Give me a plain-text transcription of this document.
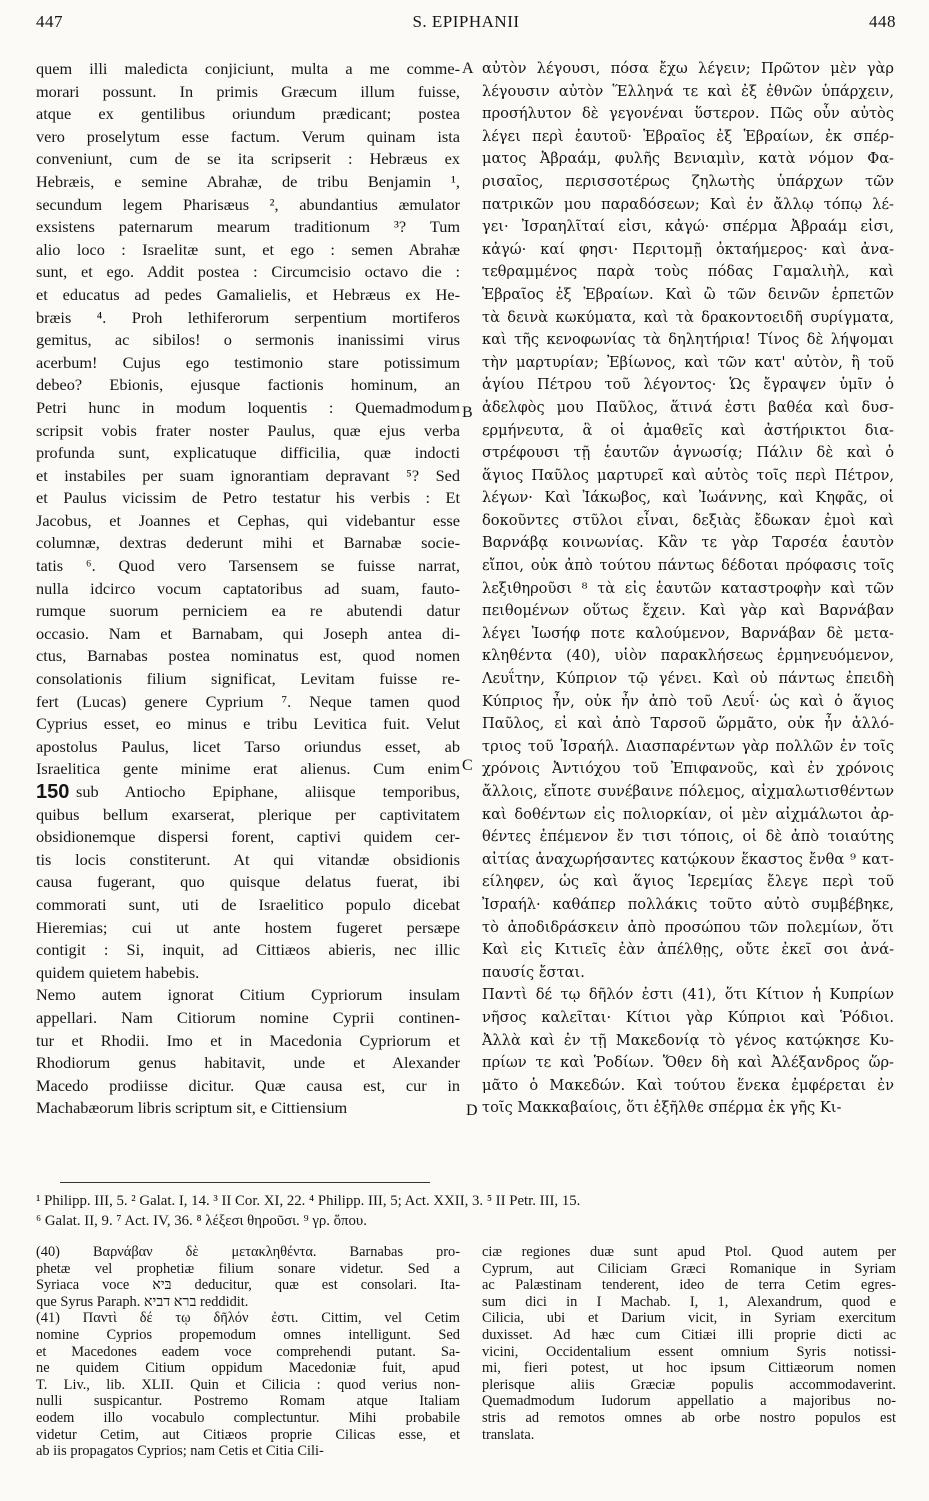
447	S. EPIPHANII	448
quem illi maledicta conjiciunt, multa a me comme-
morari possunt. In primis Græcum illum fuisse,
atque ex gentilibus oriundum prædicant; postea
vero proselytum esse factum. Verum quinam ista
conveniunt, cum de se ita scripserit : Hebræus ex
Hebræis, e semine Abrahæ, de tribu Benjamin ¹,
secundum legem Pharisæus ², abundantius æmulator
exsistens paternarum mearum traditionum ³? Tum
alio loco : Israelitæ sunt, et ego : semen Abrahæ
sunt, et ego. Addit postea : Circumcisio octavo die :
et educatus ad pedes Gamalielis, et Hebræus ex He-
bræis ⁴. Proh lethiferorum serpentium mortiferos
gemitus, ac sibilos! o sermonis inanissimi virus
acerbum! Cujus ego testimonio stare potissimum
debeo? Ebionis, ejusque factionis hominum, an
Petri hunc in modum loquentis : Quemadmodum
scripsit vobis frater noster Paulus, quæ ejus verba
profunda sunt, explicatuque difficilia, quæ indocti
et instabiles per suam ignorantiam depravant ⁵? Sed
et Paulus vicissim de Petro testatur his verbis : Et
Jacobus, et Joannes et Cephas, qui videbantur esse
columnæ, dextras dederunt mihi et Barnabæ socie-
tatis ⁶. Quod vero Tarsensem se fuisse narrat,
nulla idcirco vocum captatoribus ad suam, fauto-
rumque suorum perniciem ea re abutendi datur
occasio. Nam et Barnabam, qui Joseph antea di-
ctus, Barnabas postea nominatus est, quod nomen
consolationis filium significat, Levitam fuisse re-
fert (Lucas) genere Cyprium ⁷. Neque tamen quod
Cyprius esset, eo minus e tribu Levitica fuit. Velut
apostolus Paulus, licet Tarso oriundus esset, ab
Israelitica gente minime erat alienus. Cum enim
150 sub Antiocho Epiphane, aliisque temporibus,
quibus bellum exarserat, plerique per captivitatem
obsidionemque dispersi forent, captivi quidem cer-
tis locis constiterunt. At qui vitandæ obsidionis
causa fugerant, quo quisque delatus fuerat, ibi
commorati sunt, uti de Israelitico populo dicebat
Hieremias; cui ut ante hostem fugeret persæpe
contigit : Si, inquit, ad Cittiæos abieris, nec illic
quidem quietem habebis.
Nemo autem ignorat Citium Cypriorum insulam
appellari. Nam Citiorum nomine Cyprii continen-
tur et Rhodii. Imo et in Macedonia Cypriorum et
Rhodiorum genus habitavit, unde et Alexander
Macedo prodiisse dicitur. Quæ causa est, cur in
Machabæorum libris scriptum sit, e Cittiensium
αὐτὸν λέγουσι, πόσα ἔχω λέγειν; Πρῶτον μὲν γὰρ
λέγουσιν αὐτὸν Ἕλληνά τε καὶ ἐξ ἐθνῶν ὑπάρχειν,
προσήλυτον δὲ γεγονέναι ὕστερον. Πῶς οὖν αὐτὸς
λέγει περὶ ἑαυτοῦ· Ἑβραῖος ἐξ Ἑβραίων, ἐκ σπέρ-
ματος Ἀβραάμ, φυλῆς Βενιαμὶν, κατὰ νόμον Φα-
ρισαῖος, περισσοτέρως ζηλωτὴς ὑπάρχων τῶν
πατρικῶν μου παραδόσεων; Καὶ ἐν ἄλλῳ τόπῳ λέ-
γει· Ἰσραηλῖταί εἰσι, κἀγώ· σπέρμα Ἀβραάμ εἰσι,
κἀγώ· καί φησι· Περιτομῇ ὀκταήμερος· καὶ ἀνα-
τεθραμμένος παρὰ τοὺς πόδας Γαμαλιὴλ, καὶ
Ἑβραῖος ἐξ Ἑβραίων. Καὶ ὢ τῶν δεινῶν ἑρπετῶν
τὰ δεινὰ κωκύματα, καὶ τὰ δρακοντοειδῆ συρίγματα,
καὶ τῆς κενοφωνίας τὰ δηλητήρια! Τίνος δὲ λήψομαι
τὴν μαρτυρίαν; Ἐβίωνος, καὶ τῶν κατ' αὐτὸν, ἢ τοῦ
ἁγίου Πέτρου τοῦ λέγοντος· Ὡς ἔγραψεν ὑμῖν ὁ
ἀδελφὸς μου Παῦλος, ἅτινά ἐστι βαθέα καὶ δυσ-
ερμήνευτα, ἃ οἱ ἀμαθεῖς καὶ ἀστήρικτοι δια-
στρέφουσι τῇ ἑαυτῶν ἀγνωσίᾳ; Πάλιν δὲ καὶ ὁ
ἅγιος Παῦλος μαρτυρεῖ καὶ αὐτὸς τοῖς περὶ Πέτρον,
λέγων· Καὶ Ἰάκωβος, καὶ Ἰωάννης, καὶ Κηφᾶς, οἱ
δοκοῦντες στῦλοι εἶναι, δεξιὰς ἔδωκαν ἐμοὶ καὶ
Βαρνάβᾳ κοινωνίας. Κἂν τε γὰρ Ταρσέα ἑαυτὸν
εἴποι, οὐκ ἀπὸ τούτου πάντως δέδοται πρόφασις τοῖς
λεξιθηροῦσι ⁸ τὰ εἰς ἑαυτῶν καταστροφὴν καὶ τῶν
πειθομένων οὕτως ἔχειν. Καὶ γὰρ καὶ Βαρνάβαν
λέγει Ἰωσήφ ποτε καλούμενον, Βαρνάβαν δὲ μετα-
κληθέντα (40), υἱὸν παρακλήσεως ἑρμηνευόμενον,
Λευΐτην, Κύπριον τῷ γένει. Καὶ οὐ πάντως ἐπειδὴ
Κύπριος ἦν, οὐκ ἦν ἀπὸ τοῦ Λευΐ· ὡς καὶ ὁ ἅγιος
Παῦλος, εἰ καὶ ἀπὸ Ταρσοῦ ὥρμᾶτο, οὐκ ἦν ἀλλό-
τριος τοῦ Ἰσραήλ. Διασπαρέντων γὰρ πολλῶν ἐν τοῖς
χρόνοις Ἀντιόχου τοῦ Ἐπιφανοῦς, καὶ ἐν χρόνοις
ἄλλοις, εἴποτε συνέβαινε πόλεμος, αἰχμαλωτισθέντων
καὶ δοθέντων εἰς πολιορκίαν, οἱ μὲν αἰχμάλωτοι ἀρ-
θέντες ἐπέμενον ἔν τισι τόποις, οἱ δὲ ἀπὸ τοιαύτης
αἰτίας ἀναχωρήσαντες κατῴκουν ἕκαστος ἔνθα ⁹ κατ-
είληφεν, ὡς καὶ ἅγιος Ἱερεμίας ἔλεγε περὶ τοῦ
Ἰσραήλ· καθάπερ πολλάκις τοῦτο αὐτὸ συμβέβηκε,
τὸ ἀποδιδράσκειν ἀπὸ προσώπου τῶν πολεμίων, ὅτι
Καὶ εἰς Κιτιεῖς ἐὰν ἀπέλθῃς, οὔτε ἐκεῖ σοι ἀνά-
παυσίς ἔσται.
Παντὶ δέ τῳ δῆλόν ἐστι (41), ὅτι Κίτιον ἡ Κυπρίων
νῆσος καλεῖται· Κίτιοι γὰρ Κύπριοι καὶ Ῥόδιοι.
Ἀλλὰ καὶ ἐν τῇ Μακεδονίᾳ τὸ γένος κατῴκησε Κυ-
πρίων τε καὶ Ῥοδίων. Ὅθεν δὴ καὶ Ἀλέξανδρος ὥρ-
μᾶτο ὁ Μακεδών. Καὶ τούτου ἕνεκα ἐμφέρεται ἐν
τοῖς Μακκαβαίοις, ὅτι ἐξῆλθε σπέρμα ἐκ γῆς Κι-
A
B
C
D
¹ Philipp. III, 5. ² Galat. I, 14. ³ II Cor. XI, 22. ⁴ Philipp. III, 5; Act. XXII, 3. ⁵ II Petr. III, 15.
⁶ Galat. II, 9. ⁷ Act. IV, 36. ⁸ λέξεσι θηροῦσι. ⁹ γρ. ὅπου.
(40) Βαρνάβαν δὲ μετακληθέντα. Barnabas pro-
phetæ vel prophetiæ filium sonare videtur. Sed a
Syriaca voce בּיא deducitur, quæ est consolari. Ita-
que Syrus Paraph. ברא דביא reddidit.
(41) Παντὶ δέ τῳ δῆλόν ἐστι. Cittim, vel Cetim
nomine Cyprios propemodum omnes intelligunt. Sed
et Macedones eadem voce comprehendi putant. Sa-
ne quidem Citium oppidum Macedoniæ fuit, apud
T. Liv., lib. XLII. Quin et Cilicia : quod verius non-
nulli suspicantur. Postremo Romam atque Italiam
eodem illo vocabulo complectuntur. Mihi probabile
videtur Cetim, aut Citiæos proprie Cilicas esse, et
ab iis propagatos Cyprios; nam Cetis et Citia Cili-
ciæ regiones duæ sunt apud Ptol. Quod autem per
Cyprum, aut Ciliciam Græci Romanique in Syriam
ac Palæstinam tenderent, ideo de terra Cetim egres-
sum dici in I Machab. I, 1, Alexandrum, quod e
Cilicia, ubi et Darium vicit, in Syriam exercitum
duxisset. Ad hæc cum Citiæi illi proprie dicti ac
vicini, Occidentalium essent omnium Syris notissi-
mi, fieri potest, ut hoc ipsum Cittiæorum nomen
plerisque aliis Græciæ populis accommodaverint.
Quemadmodum Iudorum appellatio a majoribus no-
stris ad remotos omnes ab orbe nostro populos est
translata.
